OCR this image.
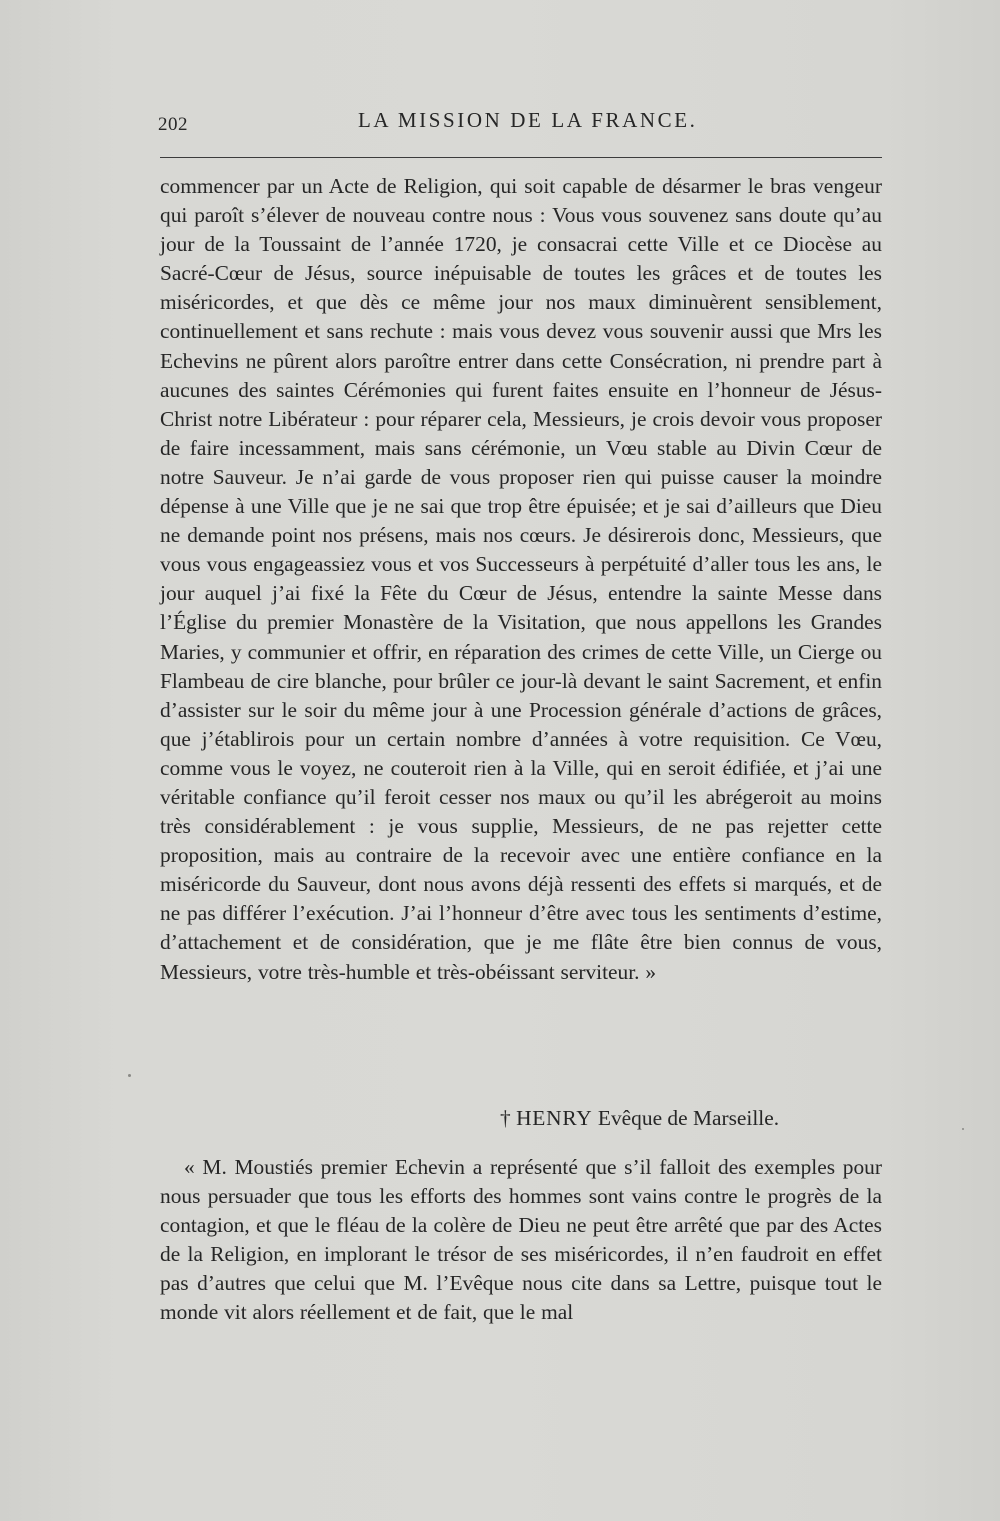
202	LA MISSION DE LA FRANCE.

commencer par un Acte de Religion, qui soit capable de désarmer le bras vengeur qui paroît s’élever de nouveau contre nous : Vous vous souvenez sans doute qu’au jour de la Toussaint de l’année 1720, je consacrai cette Ville et ce Diocèse au Sacré-Cœur de Jésus, source inépuisable de toutes les grâces et de toutes les miséricordes, et que dès ce même jour nos maux diminuèrent sensiblement, continuellement et sans rechute : mais vous devez vous souvenir aussi que Mrs les Echevins ne pûrent alors paroître entrer dans cette Consécration, ni prendre part à aucunes des saintes Cérémonies qui furent faites ensuite en l’honneur de Jésus-Christ notre Libérateur : pour réparer cela, Messieurs, je crois devoir vous proposer de faire incessamment, mais sans cérémonie, un Vœu stable au Divin Cœur de notre Sauveur. Je n’ai garde de vous proposer rien qui puisse causer la moindre dépense à une Ville que je ne sai que trop être épuisée; et je sai d’ailleurs que Dieu ne demande point nos présens, mais nos cœurs. Je désirerois donc, Messieurs, que vous vous engageassiez vous et vos Successeurs à perpétuité d’aller tous les ans, le jour auquel j’ai fixé la Fête du Cœur de Jésus, entendre la sainte Messe dans l’Église du premier Monastère de la Visitation, que nous appellons les Grandes Maries, y communier et offrir, en réparation des crimes de cette Ville, un Cierge ou Flambeau de cire blanche, pour brûler ce jour-là devant le saint Sacrement, et enfin d’assister sur le soir du même jour à une Procession générale d’actions de grâces, que j’établirois pour un certain nombre d’années à votre requisition. Ce Vœu, comme vous le voyez, ne couteroit rien à la Ville, qui en seroit édifiée, et j’ai une véritable confiance qu’il feroit cesser nos maux ou qu’il les abrégeroit au moins très considérablement : je vous supplie, Messieurs, de ne pas rejetter cette proposition, mais au contraire de la recevoir avec une entière confiance en la miséricorde du Sauveur, dont nous avons déjà ressenti des effets si marqués, et de ne pas différer l’exécution. J’ai l’honneur d’être avec tous les sentiments d’estime, d’attachement et de considération, que je me flâte être bien connus de vous, Messieurs, votre très-humble et très-obéissant serviteur. »

† HENRY Evêque de Marseille.

« M. Moustiés premier Echevin a représenté que s’il falloit des exemples pour nous persuader que tous les efforts des hommes sont vains contre le progrès de la contagion, et que le fléau de la colère de Dieu ne peut être arrêté que par des Actes de la Religion, en implorant le trésor de ses miséricordes, il n’en faudroit en effet pas d’autres que celui que M. l’Evêque nous cite dans sa Lettre, puisque tout le monde vit alors réellement et de fait, que le mal
